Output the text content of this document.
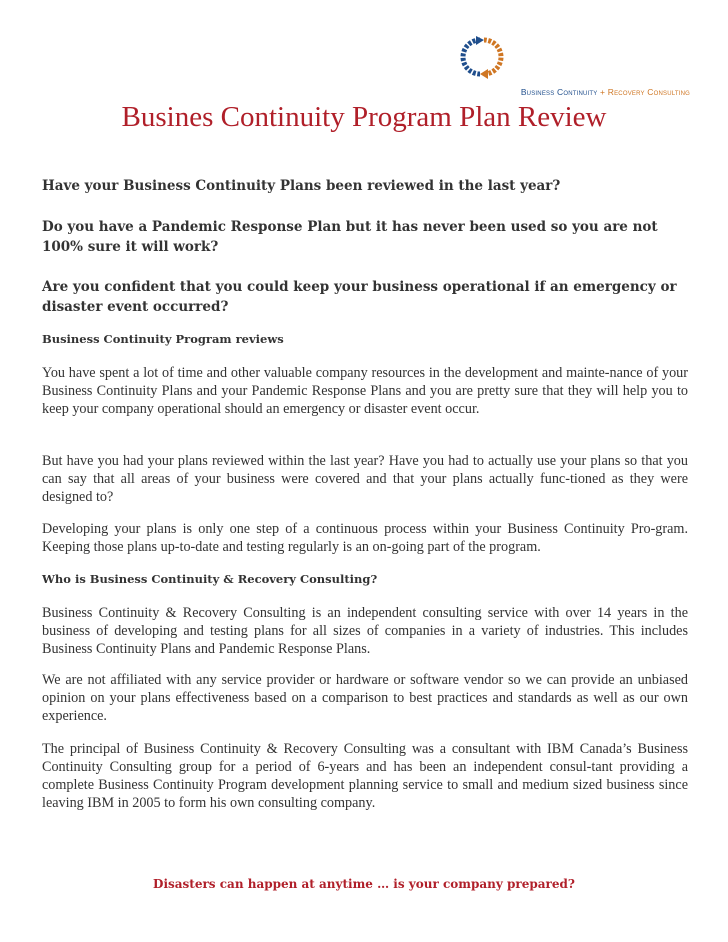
Business Continuity + Recovery Consulting
Busines Continuity Program Plan Review

Have your Business Continuity Plans been reviewed in the last year?

Do you have a Pandemic Response Plan but it has never been used so you are not 100% sure it will work?

Are you confident that you could keep your business operational if an emergency or disaster event occurred?

Business Continuity Program reviews

You have spent a lot of time and other valuable company resources in the development and mainte-nance of your Business Continuity Plans and your Pandemic Response Plans and you are pretty sure that they will help you to keep your company operational should an emergency or disaster event occur.

But have you had your plans reviewed within the last year? Have you had to actually use your plans so that you can say that all areas of your business were covered and that your plans actually func-tioned as they were designed to?

Developing your plans is only one step of a continuous process within your Business Continuity Pro-gram. Keeping those plans up-to-date and testing regularly is an on-going part of the program.

Who is Business Continuity & Recovery Consulting?

Business Continuity & Recovery Consulting is an independent consulting service with over 14 years in the business of developing and testing plans for all sizes of companies in a variety of industries. This includes Business Continuity Plans and Pandemic Response Plans.

We are not affiliated with any service provider or hardware or software vendor so we can provide an unbiased opinion on your plans effectiveness based on a comparison to best practices and standards as well as our own experience.

The principal of Business Continuity & Recovery Consulting was a consultant with IBM Canada’s Business Continuity Consulting group for a period of 6-years and has been an independent consul-tant providing a complete Business Continuity Program development planning service to small and medium sized business since leaving IBM in 2005 to form his own consulting company.

Disasters can happen at anytime … is your company prepared?
